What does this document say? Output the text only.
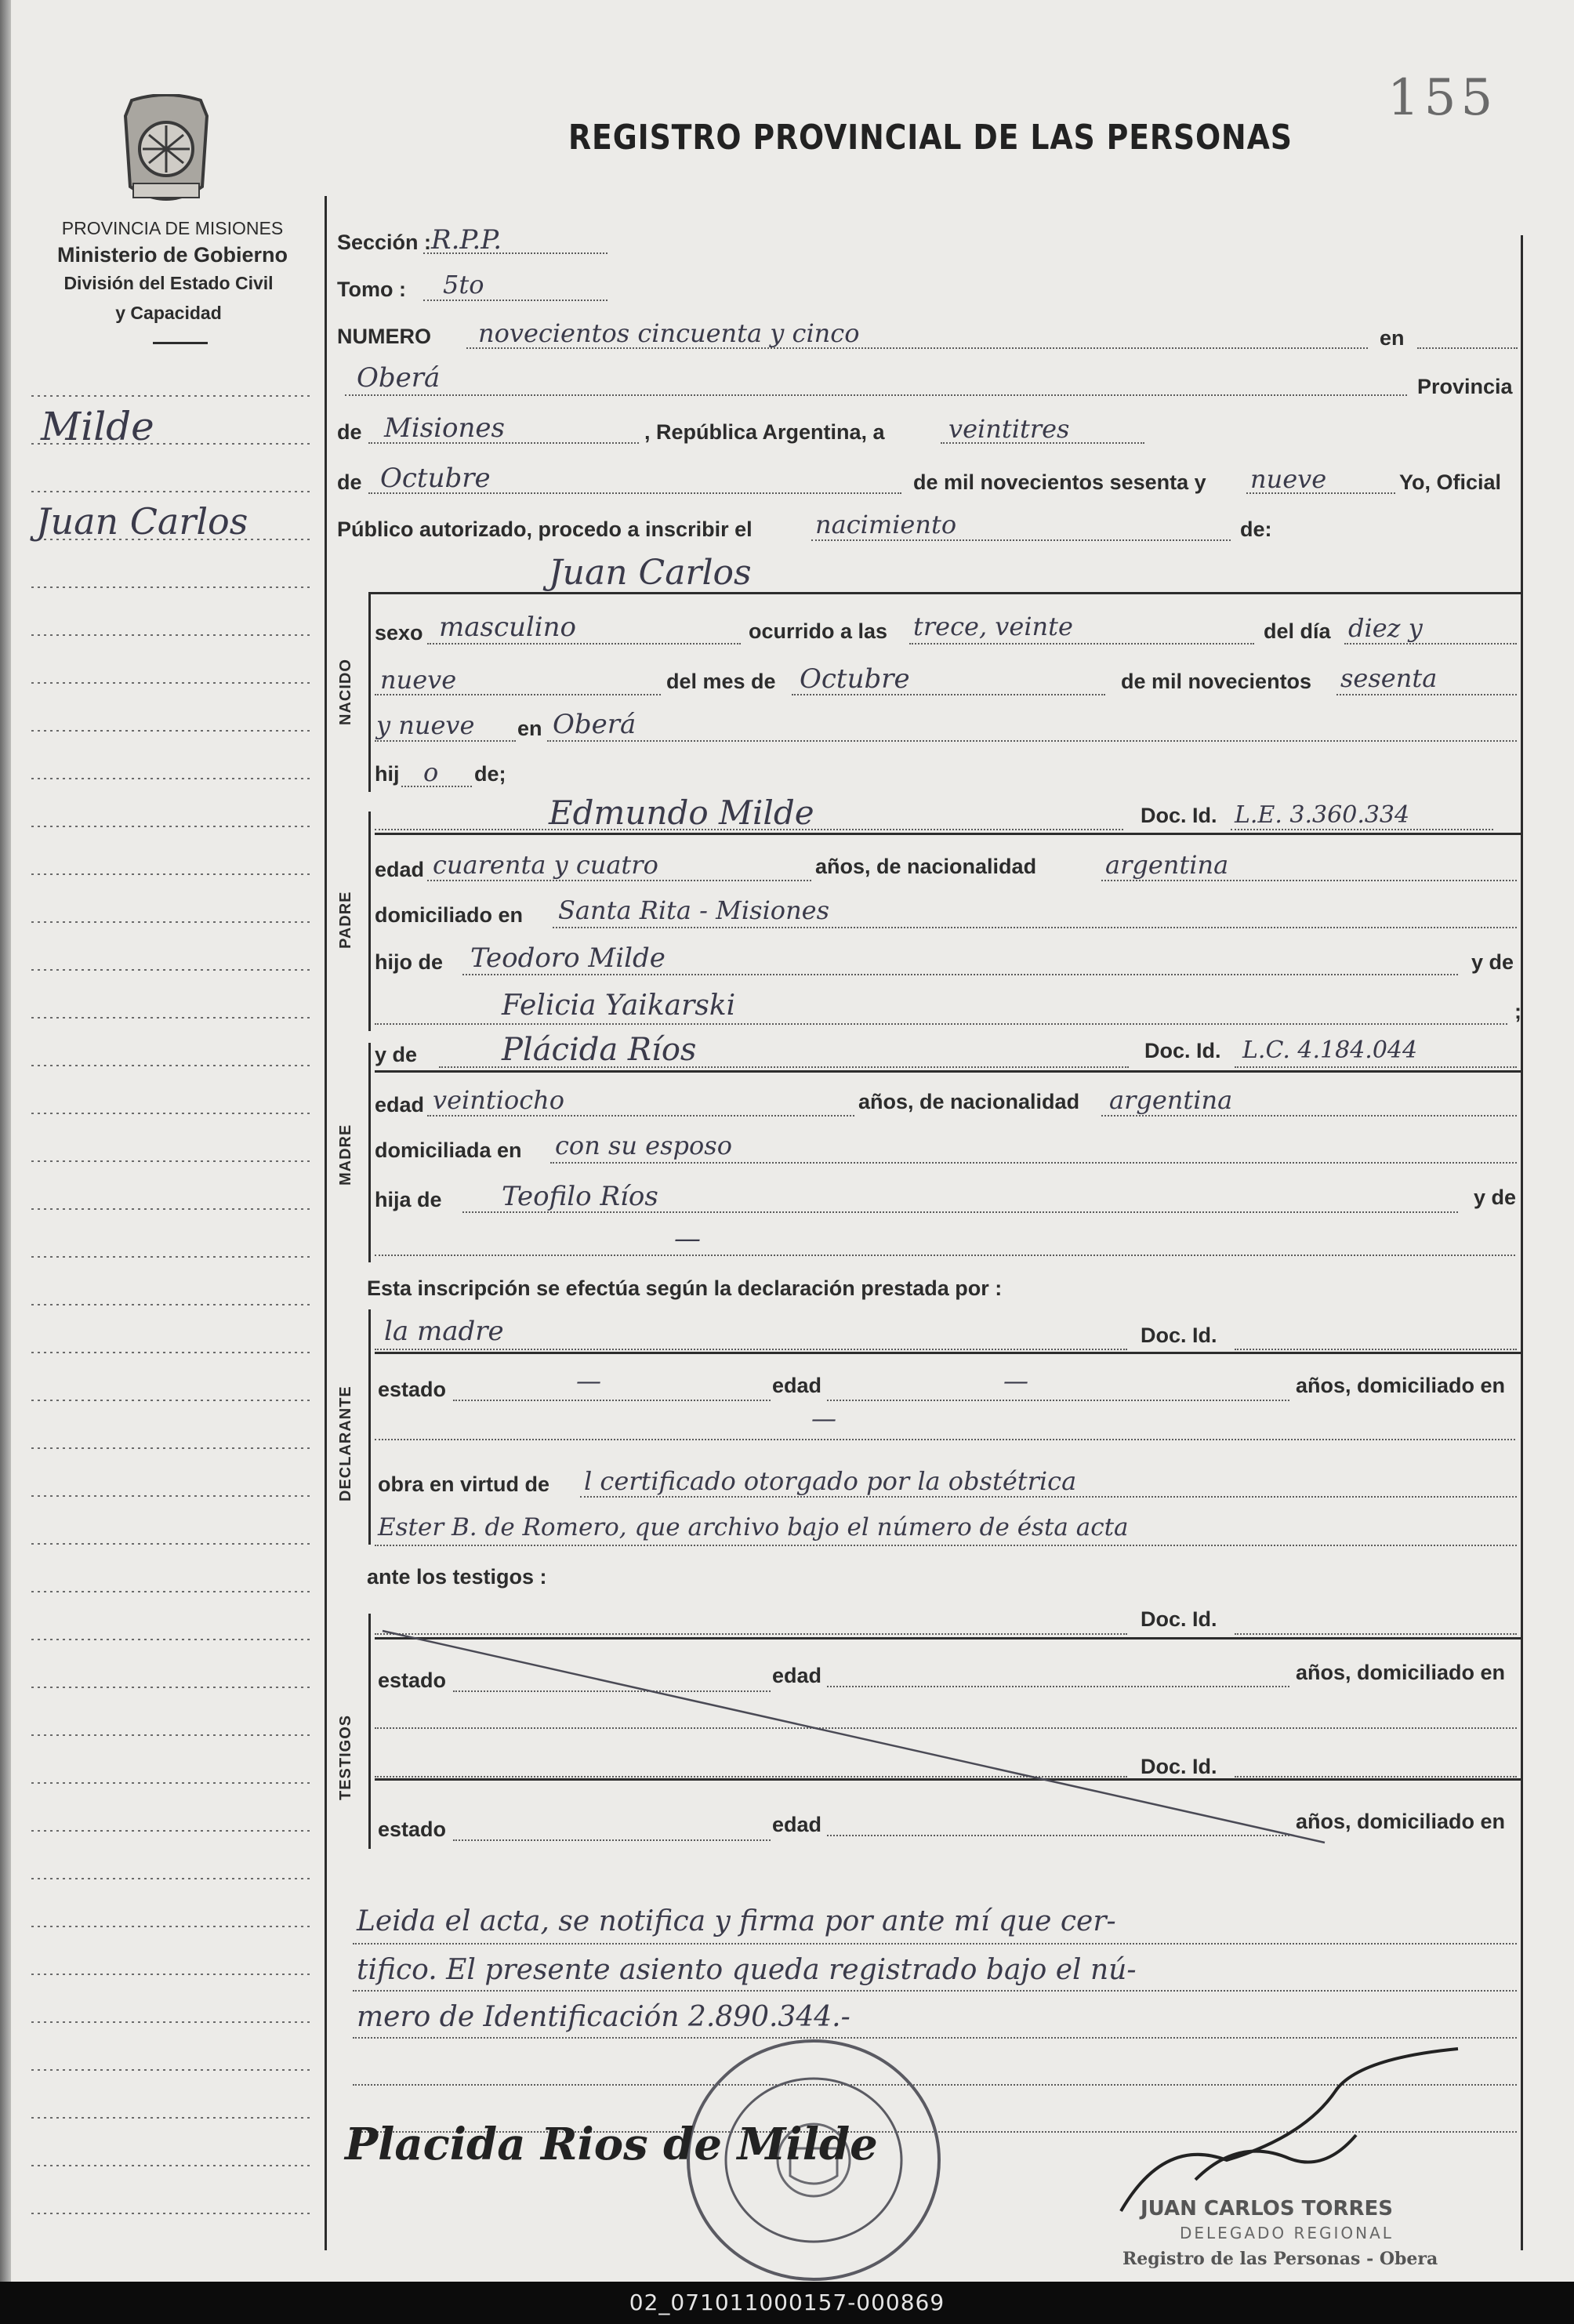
PROVINCIA DE MISIONES
Ministerio de Gobierno
División del Estado Civil
y Capacidad
REGISTRO PROVINCIAL DE LAS PERSONAS
155
Milde
Juan Carlos
Sección : R.P.P.
Tomo : 5to
NUMERO novecientos cincuenta y cinco	en
Oberá	Provincia
de Misiones	, República Argentina, a	veintitres
de Octubre	de mil novecientos sesenta y nueve	Yo, Oficial
Público autorizado, procedo a inscribir el	nacimiento	de:
Juan Carlos
NACIDO
sexo masculino	ocurrido a las trece, veinte	del día diez y
nueve	del mes de Octubre	de mil novecientos sesenta
y nueve en Oberá
hij o de;
PADRE
Edmundo Milde	Doc. Id. L.E. 3.360.334
edad cuarenta y cuatro	años, de nacionalidad	argentina
domiciliado en Santa Rita - Misiones
hijo de Teodoro Milde	y de
Felicia Yaikarski	;
MADRE
y de	Plácida Ríos	Doc. Id. L.C. 4.184.044
edad veintiocho	años, de nacionalidad argentina
domiciliada en con su esposo
hija de Teofilo Ríos	y de
—
Esta inscripción se efectúa según la declaración prestada por :
DECLARANTE
la madre	Doc. Id.
estado	—	edad	—	años, domiciliado en
—
obra en virtud de l certificado otorgado por la obstétrica
Ester B. de Romero, que archivo bajo el número de ésta acta
ante los testigos :
TESTIGOS
Doc. Id.
estado	edad	años, domiciliado en
Doc. Id.
estado	edad	años, domiciliado en
Leida el acta, se notifica y firma por ante mí que cer-
tifico. El presente asiento queda registrado bajo el nú-
mero de Identificación 2.890.344.-
Placida Rios de Milde
JUAN CARLOS TORRES
DELEGADO REGIONAL
Registro de las Personas - Obera
02_071011000157-000869
